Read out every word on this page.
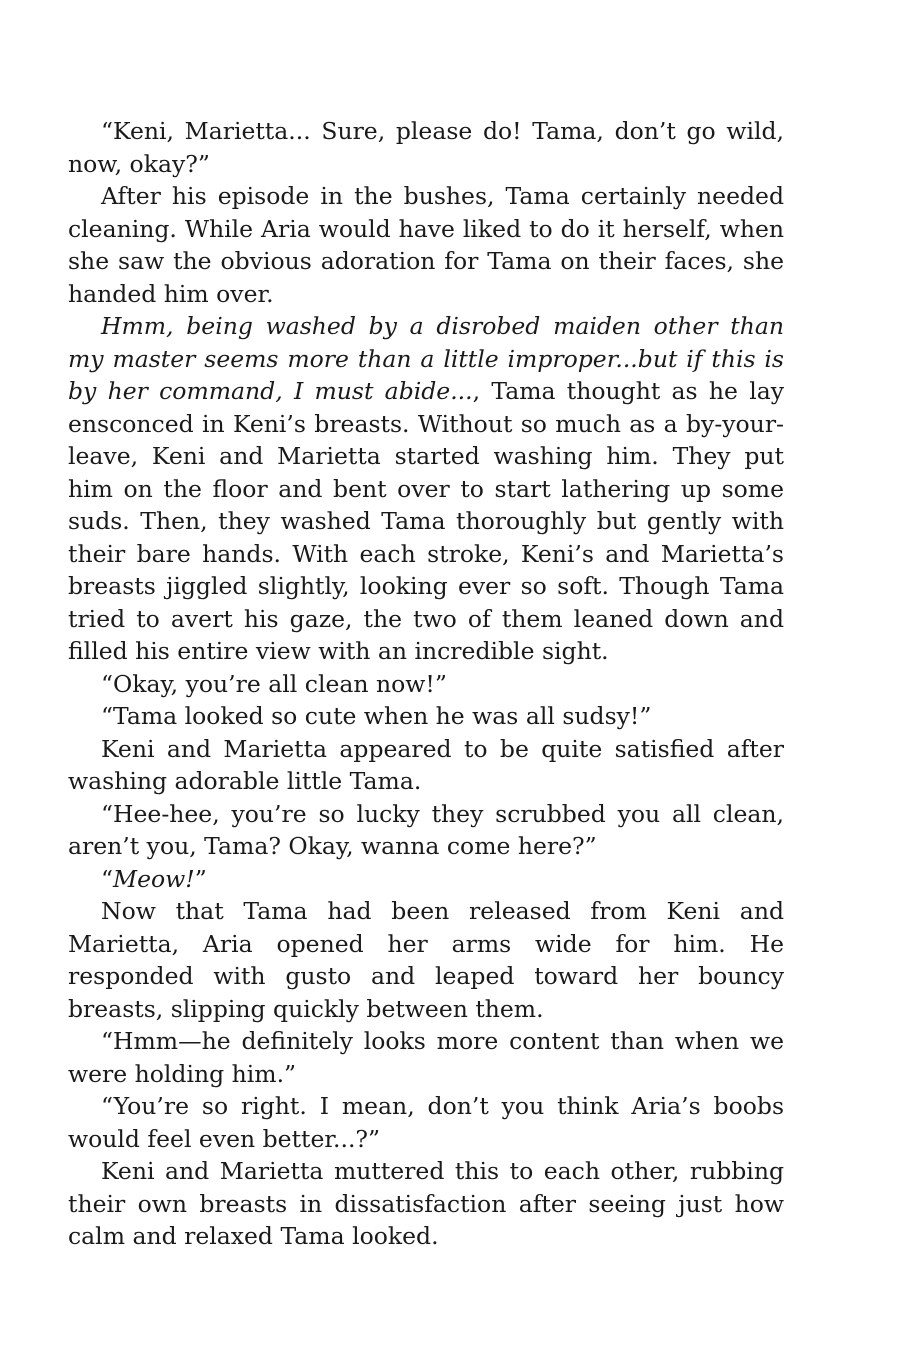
“Keni, Marietta... Sure, please do! Tama, don’t go wild, now, okay?”

After his episode in the bushes, Tama certainly needed cleaning. While Aria would have liked to do it herself, when she saw the obvious adoration for Tama on their faces, she handed him over.

Hmm, being washed by a disrobed maiden other than my master seems more than a little improper...but if this is by her command, I must abide..., Tama thought as he lay ensconced in Keni’s breasts. Without so much as a by-your-leave, Keni and Marietta started washing him. They put him on the floor and bent over to start lathering up some suds. Then, they washed Tama thoroughly but gently with their bare hands. With each stroke, Keni’s and Marietta’s breasts jiggled slightly, looking ever so soft. Though Tama tried to avert his gaze, the two of them leaned down and filled his entire view with an incredible sight.

“Okay, you’re all clean now!”

“Tama looked so cute when he was all sudsy!”

Keni and Marietta appeared to be quite satisfied after washing adorable little Tama.

“Hee-hee, you’re so lucky they scrubbed you all clean, aren’t you, Tama? Okay, wanna come here?”

“Meow!”

Now that Tama had been released from Keni and Marietta, Aria opened her arms wide for him. He responded with gusto and leaped toward her bouncy breasts, slipping quickly between them.

“Hmm—he definitely looks more content than when we were holding him.”

“You’re so right. I mean, don’t you think Aria’s boobs would feel even better...?”

Keni and Marietta muttered this to each other, rubbing their own breasts in dissatisfaction after seeing just how calm and relaxed Tama looked.
